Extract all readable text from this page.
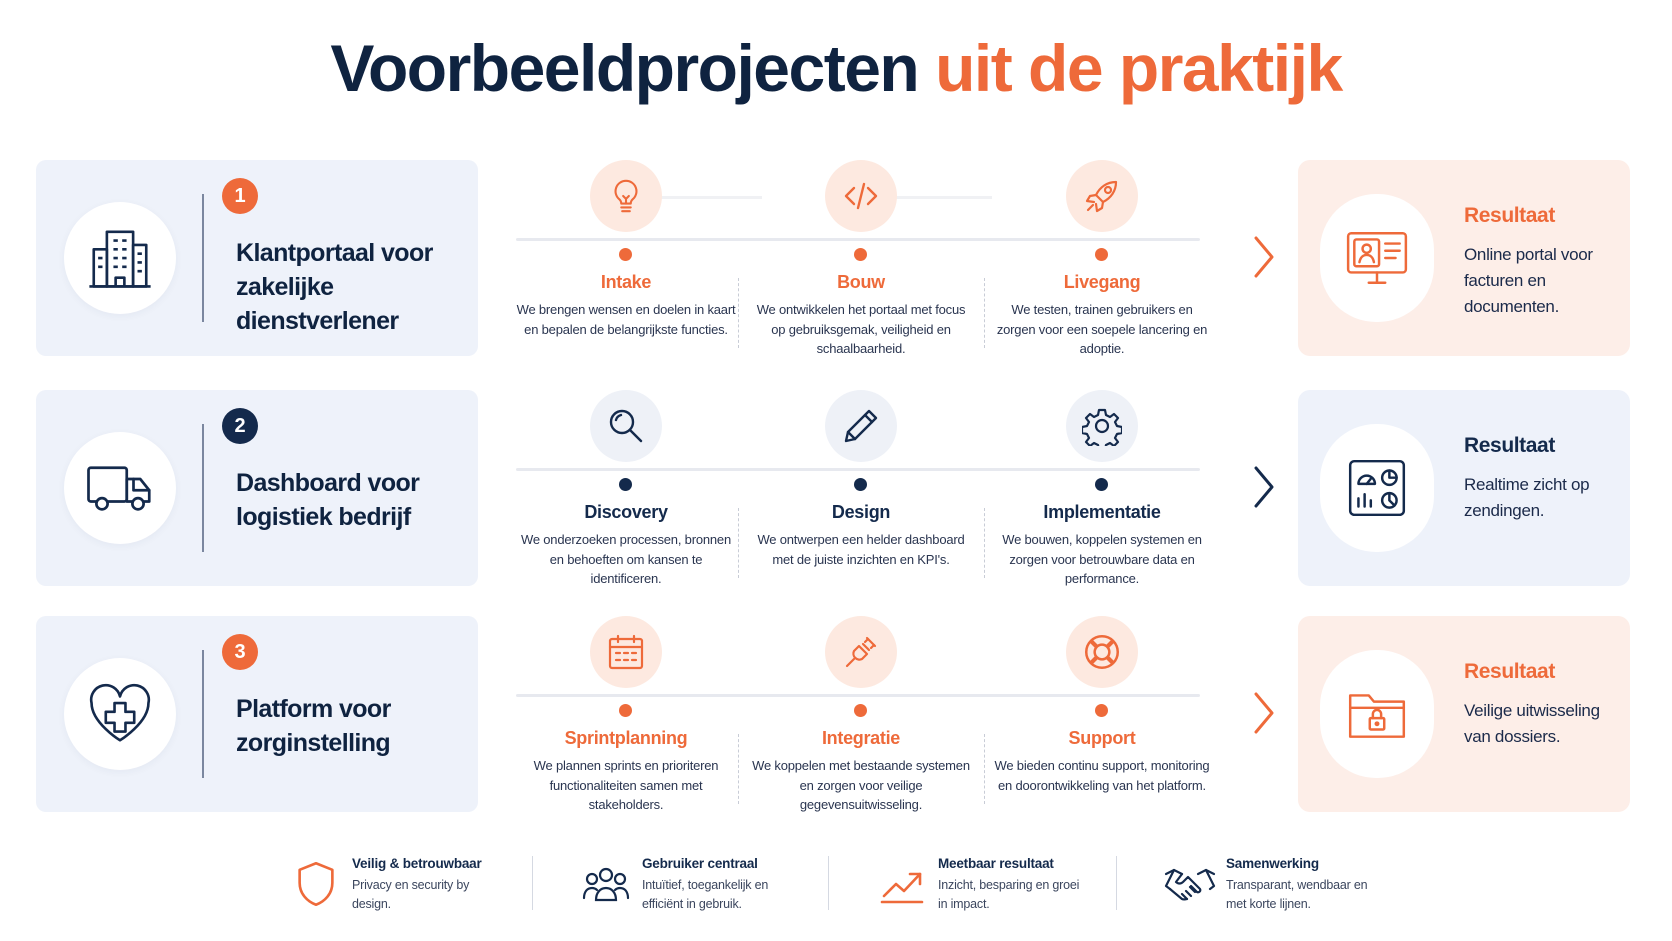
Voorbeeldprojecten uit de praktijk
1
Klantportaal voor
zakelijke dienstverlener
Intake
We brengen wensen en doelen in kaart en bepalen de belangrijkste functies.
Bouw
We ontwikkelen het portaal met focus op gebruiksgemak, veiligheid en schaalbaarheid.
Livegang
We testen, trainen gebruikers en zorgen voor een soepele lancering en adoptie.
Resultaat
Online portal voor facturen en documenten.
2
Dashboard voor
logistiek bedrijf	Discovery
We onderzoeken processen, bronnen en behoeften om kansen te identificeren.
Design
We ontwerpen een helder dashboard met de juiste inzichten en KPI's.
Implementatie
We bouwen, koppelen systemen en zorgen voor betrouwbare data en performance.
Resultaat
Realtime zicht op zendingen.
3
Platform voor
zorginstelling	Sprintplanning
We plannen sprints en prioriteren functionaliteiten samen met stakeholders.
Integratie
We koppelen met bestaande systemen en zorgen voor veilige gegevensuitwisseling.
Support
We bieden continu support, monitoring en doorontwikkeling van het platform.
Resultaat
Veilige uitwisseling van dossiers.
Veilig & betrouwbaar
Privacy en security by design.
Gebruiker centraal
Intuïtief, toegankelijk en efficiënt in gebruik.
Meetbaar resultaat
Inzicht, besparing en groei in impact.
Samenwerking
Transparant, wendbaar en met korte lijnen.
